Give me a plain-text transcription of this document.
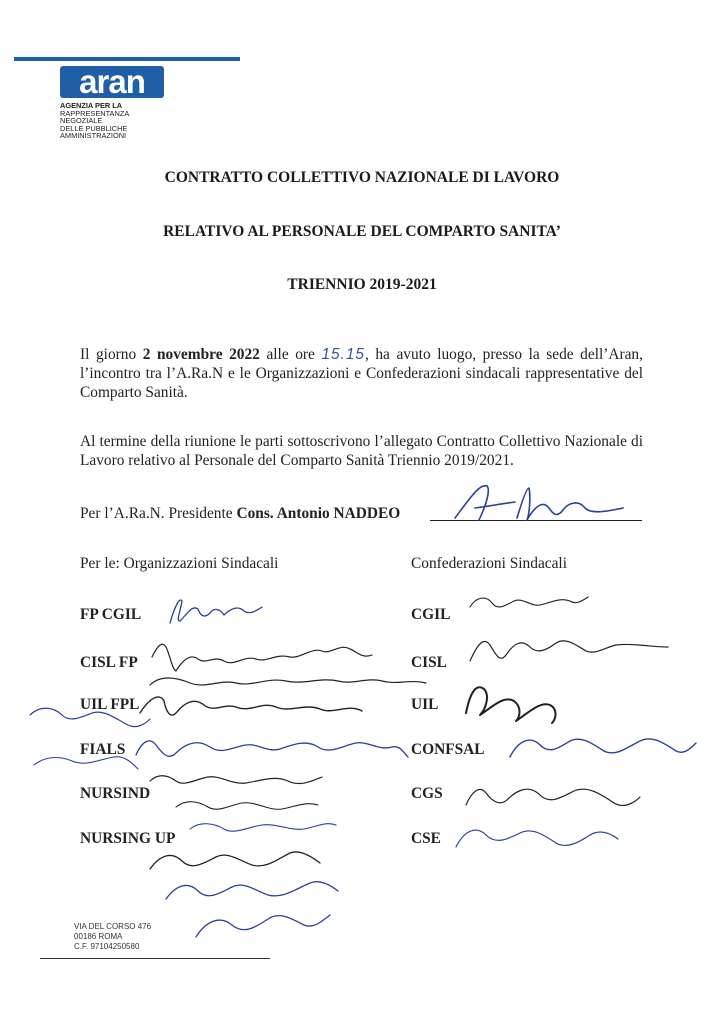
aran
AGENZIA PER LA
RAPPRESENTANZA
NEGOZIALE
DELLE PUBBLICHE
AMMINISTRAZIONI
CONTRATTO COLLETTIVO NAZIONALE DI LAVORO
RELATIVO AL PERSONALE DEL COMPARTO SANITA’
TRIENNIO 2019-2021
Il giorno 2 novembre 2022 alle ore 15.15, ha avuto luogo, presso la sede dell’Aran, l’incontro tra l’A.Ra.N e le Organizzazioni e Confederazioni sindacali rappresentative del Comparto Sanità.
Al termine della riunione le parti sottoscrivono l’allegato Contratto Collettivo Nazionale di Lavoro relativo al Personale del Comparto Sanità Triennio 2019/2021.
Per l’A.Ra.N. Presidente Cons. Antonio NADDEO
Per le: Organizzazioni Sindacali	Confederazioni Sindacali
FP CGIL
CISL FP
UIL FPL
FIALS
NURSIND
NURSING UP
CGIL
CISL
UIL
CONFSAL
CGS
CSE
VIA DEL CORSO 476
00186 ROMA
C.F. 97104250580
